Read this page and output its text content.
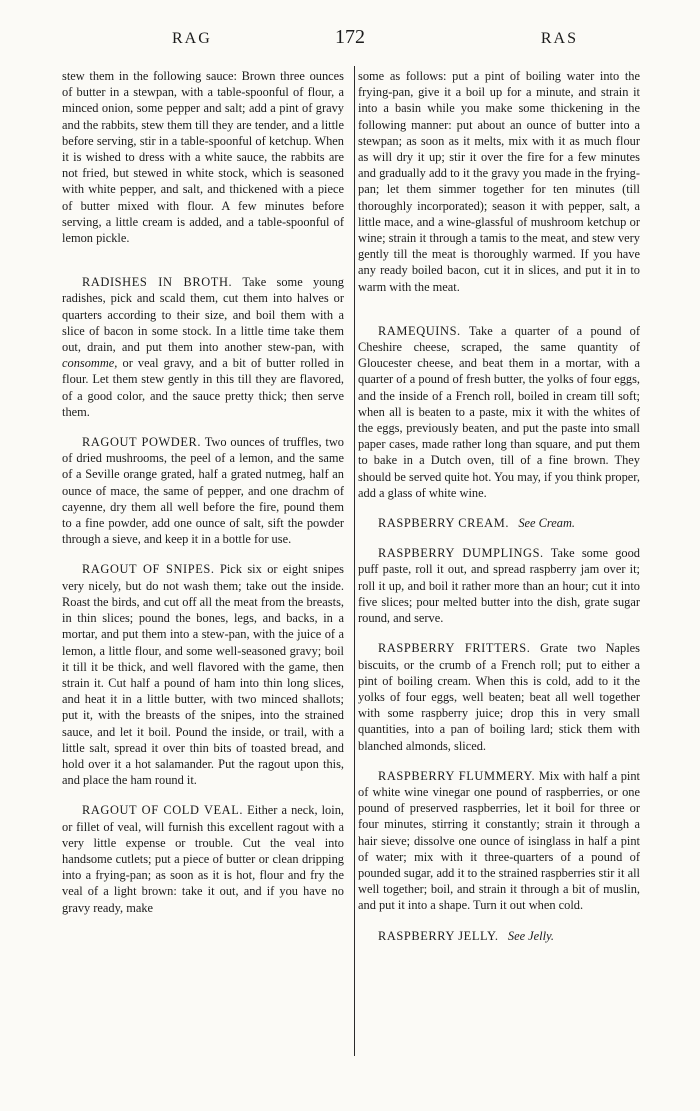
RAG	172	RAS

stew them in the following sauce: Brown three ounces of butter in a stewpan, with a table-spoonful of flour, a minced onion, some pepper and salt; add a pint of gravy and the rabbits, stew them till they are tender, and a little before serving, stir in a table-spoonful of ketchup. When it is wished to dress with a white sauce, the rabbits are not fried, but stewed in white stock, which is seasoned with white pepper, and salt, and thickened with a piece of butter mixed with flour. A few minutes before serving, a little cream is added, and a table-spoonful of lemon pickle.

RADISHES IN BROTH. Take some young radishes, pick and scald them, cut them into halves or quarters according to their size, and boil them with a slice of bacon in some stock. In a little time take them out, drain, and put them into another stew-pan, with consomme, or veal gravy, and a bit of butter rolled in flour. Let them stew gently in this till they are flavored, of a good color, and the sauce pretty thick; then serve them.

RAGOUT POWDER. Two ounces of truffles, two of dried mushrooms, the peel of a lemon, and the same of a Seville orange grated, half a grated nutmeg, half an ounce of mace, the same of pepper, and one drachm of cayenne, dry them all well before the fire, pound them to a fine powder, add one ounce of salt, sift the powder through a sieve, and keep it in a bottle for use.

RAGOUT OF SNIPES. Pick six or eight snipes very nicely, but do not wash them; take out the inside. Roast the birds, and cut off all the meat from the breasts, in thin slices; pound the bones, legs, and backs, in a mortar, and put them into a stew-pan, with the juice of a lemon, a little flour, and some well-seasoned gravy; boil it till it be thick, and well flavored with the game, then strain it. Cut half a pound of ham into thin long slices, and heat it in a little butter, with two minced shallots; put it, with the breasts of the snipes, into the strained sauce, and let it boil. Pound the inside, or trail, with a little salt, spread it over thin bits of toasted bread, and hold over it a hot salamander. Put the ragout upon this, and place the ham round it.

RAGOUT OF COLD VEAL. Either a neck, loin, or fillet of veal, will furnish this excellent ragout with a very little expense or trouble. Cut the veal into handsome cutlets; put a piece of butter or clean dripping into a frying-pan; as soon as it is hot, flour and fry the veal of a light brown: take it out, and if you have no gravy ready, make

some as follows: put a pint of boiling water into the frying-pan, give it a boil up for a minute, and strain it into a basin while you make some thickening in the following manner: put about an ounce of butter into a stewpan; as soon as it melts, mix with it as much flour as will dry it up; stir it over the fire for a few minutes and gradually add to it the gravy you made in the frying-pan; let them simmer together for ten minutes (till thoroughly incorporated); season it with pepper, salt, a little mace, and a wine-glassful of mushroom ketchup or wine; strain it through a tamis to the meat, and stew very gently till the meat is thoroughly warmed. If you have any ready boiled bacon, cut it in slices, and put it in to warm with the meat.

RAMEQUINS. Take a quarter of a pound of Cheshire cheese, scraped, the same quantity of Gloucester cheese, and beat them in a mortar, with a quarter of a pound of fresh butter, the yolks of four eggs, and the inside of a French roll, boiled in cream till soft; when all is beaten to a paste, mix it with the whites of the eggs, previously beaten, and put the paste into small paper cases, made rather long than square, and put them to bake in a Dutch oven, till of a fine brown. They should be served quite hot. You may, if you think proper, add a glass of white wine.

RASPBERRY CREAM. See Cream.

RASPBERRY DUMPLINGS. Take some good puff paste, roll it out, and spread raspberry jam over it; roll it up, and boil it rather more than an hour; cut it into five slices; pour melted butter into the dish, grate sugar round, and serve.

RASPBERRY FRITTERS. Grate two Naples biscuits, or the crumb of a French roll; put to either a pint of boiling cream. When this is cold, add to it the yolks of four eggs, well beaten; beat all well together with some raspberry juice; drop this in very small quantities, into a pan of boiling lard; stick them with blanched almonds, sliced.

RASPBERRY FLUMMERY. Mix with half a pint of white wine vinegar one pound of raspberries, or one pound of preserved raspberries, let it boil for three or four minutes, stirring it constantly; strain it through a hair sieve; dissolve one ounce of isinglass in half a pint of water; mix with it three-quarters of a pound of pounded sugar, add it to the strained raspberries stir it all well together; boil, and strain it through a bit of muslin, and put it into a shape. Turn it out when cold.

RASPBERRY JELLY. See Jelly.
